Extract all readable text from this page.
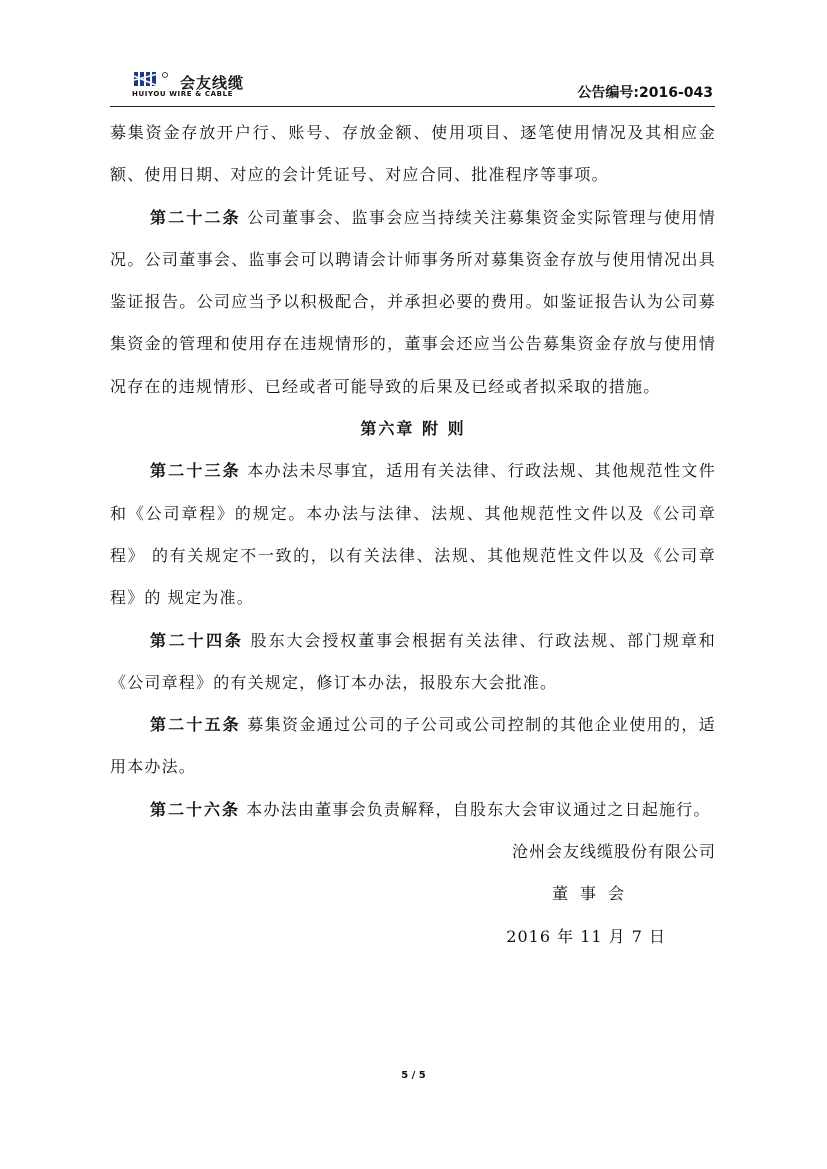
会友线缆
HUIYOU WIRE & CABLE	公告编号:2016-043

募集资金存放开户行、账号、存放金额、使用项目、逐笔使用情况及其相应金额、使用日期、对应的会计凭证号、对应合同、批准程序等事项。

第二十二条 公司董事会、监事会应当持续关注募集资金实际管理与使用情况。公司董事会、监事会可以聘请会计师事务所对募集资金存放与使用情况出具鉴证报告。公司应当予以积极配合，并承担必要的费用。如鉴证报告认为公司募集资金的管理和使用存在违规情形的，董事会还应当公告募集资金存放与使用情况存在的违规情形、已经或者可能导致的后果及已经或者拟采取的措施。

第六章 附 则

第二十三条 本办法未尽事宜，适用有关法律、行政法规、其他规范性文件和《公司章程》的规定。本办法与法律、法规、其他规范性文件以及《公司章程》 的有关规定不一致的，以有关法律、法规、其他规范性文件以及《公司章程》的 规定为准。

第二十四条 股东大会授权董事会根据有关法律、行政法规、部门规章和《公司章程》的有关规定，修订本办法，报股东大会批准。

第二十五条 募集资金通过公司的子公司或公司控制的其他企业使用的，适用本办法。

第二十六条 本办法由董事会负责解释，自股东大会审议通过之日起施行。

沧州会友线缆股份有限公司

董事会

2016 年 11 月 7 日

5 / 5
